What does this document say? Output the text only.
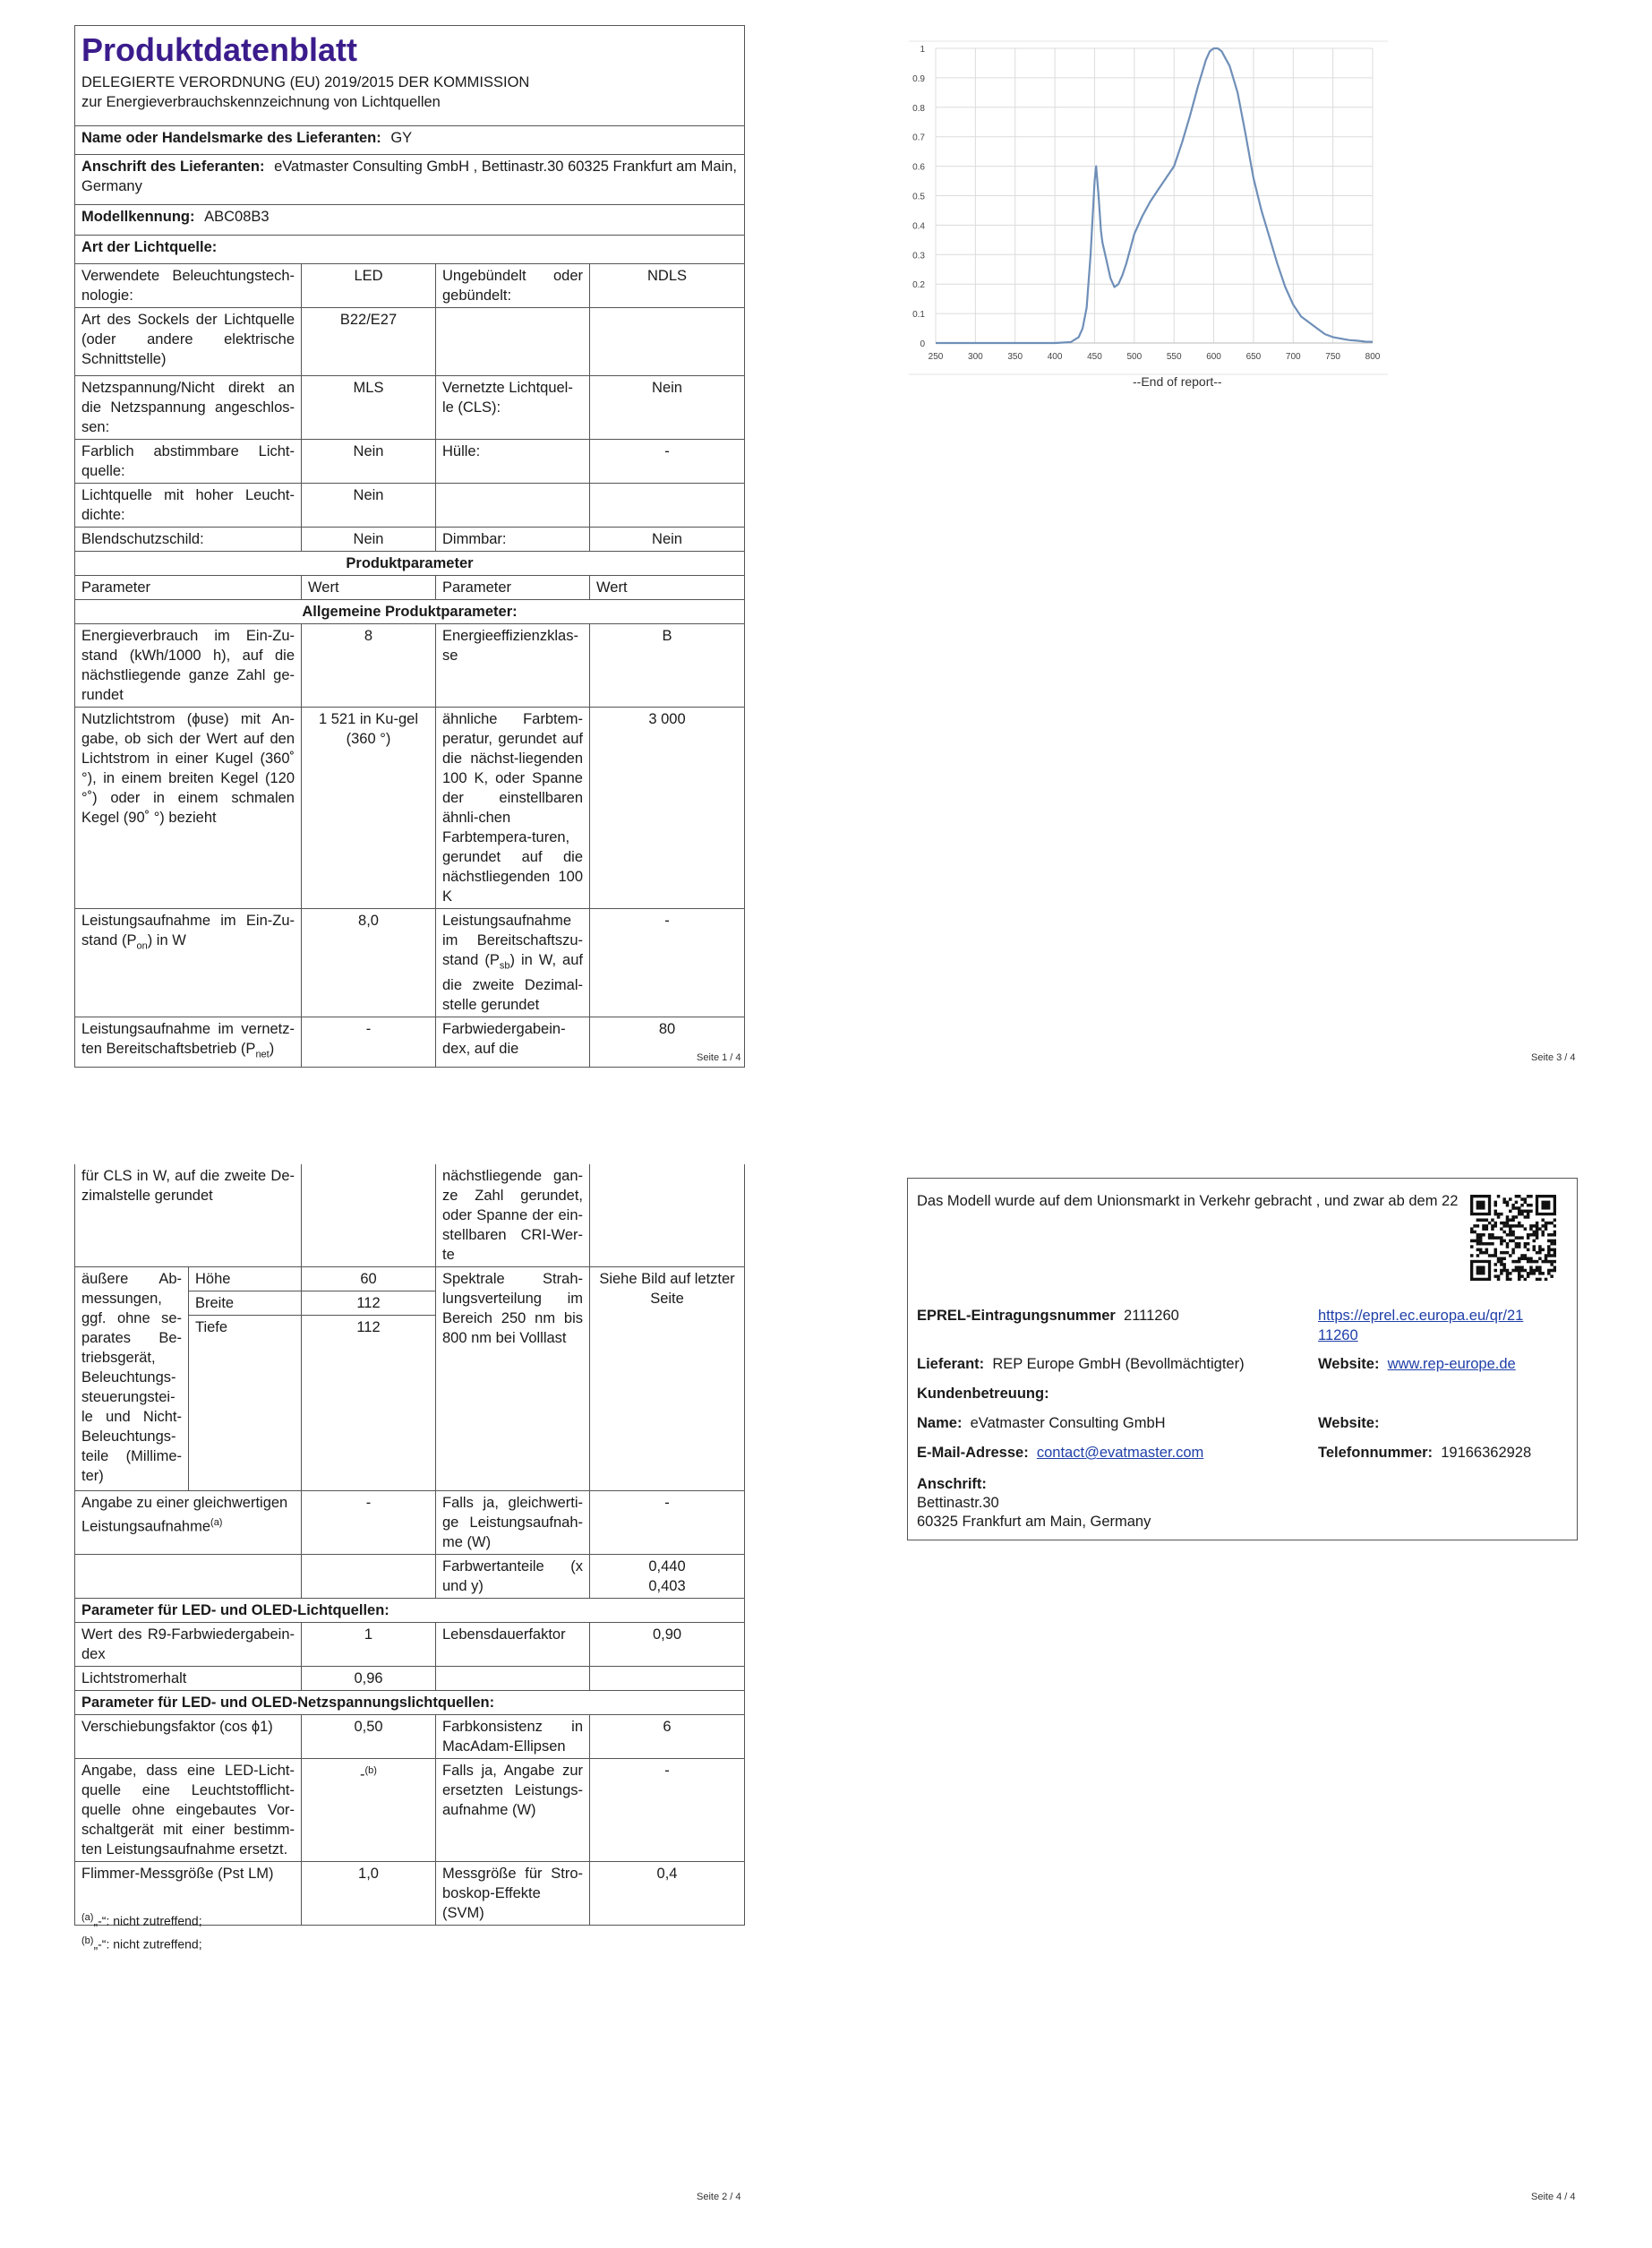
Produktdatenblatt
DELEGIERTE VERORDNUNG (EU) 2019/2015 DER KOMMISSION zur Energieverbrauchskennzeichnung von Lichtquellen			

Name oder Handelsmarke des Lieferanten: GY			
Anschrift des Lieferanten: eVatmaster Consulting GmbH , Bettinastr.30 60325 Frankfurt am Main, Germany			
Modellkennung: ABC08B3			
Art der Lichtquelle:			
Verwendete Beleuchtungstech-nologie:	LED	Ungebündelt oder gebündelt:	NDLS
Art des Sockels der Lichtquelle (oder andere elektrische Schnittstelle)	B22/E27		
Netzspannung/Nicht direkt an die Netzspannung angeschlos-sen:	MLS	Vernetzte Lichtquel-le (CLS):	Nein
Farblich abstimmbare Licht-quelle:	Nein	Hülle:	-
Lichtquelle mit hoher Leucht-dichte:	Nein		
Blendschutzschild:	Nein	Dimmbar:	Nein
Produktparameter			
Parameter	Wert	Parameter	Wert
Allgemeine Produktparameter:			
Energieverbrauch im Ein-Zu-stand (kWh/1000 h), auf die nächstliegende ganze Zahl ge-rundet	8	Energieeffizienzklas-se	B
Nutzlichtstrom (ϕuse) mit An-gabe, ob sich der Wert auf den Lichtstrom in einer Kugel (360˚ °), in einem breiten Kegel (120 °˚) oder in einem schmalen Kegel (90˚ °) bezieht	1 521 in Ku-gel (360 °)	ähnliche Farbtem-peratur, gerundet auf die nächst-liegenden 100 K, oder Spanne der einstellbaren ähnli-chen Farbtempera-turen, gerundet auf die nächstliegenden 100 K	3 000
Leistungsaufnahme im Ein-Zu-stand $(P_{on})$ in W	8,0	Leistungsaufnahme im Bereitschaftszu-stand $(P_{sb})$ in W, auf die zweite Dezimal-stelle gerundet	-
Leistungsaufnahme im vernetz-ten Bereitschaftsbetrieb $(P_{net})$	-	Farbwiedergabein-dex, auf die	80
Seite 1 / 4
0
0.1
0.2
0.3
0.4
0.5
0.6
0.7
0.8
0.9
1
250	300	350	400	450	500	550	600	650	700	750	800
--End of report--
Seite 3 / 4
für CLS in W, auf die zweite De-zimalstelle gerundet			nächstliegende gan-ze Zahl gerundet, oder Spanne der ein-stellbaren CRI-Wer-te	
äußere Ab-messungen, ggf. ohne se-parates Be-triebsgerät, Beleuchtungs-steuerungstei-le und Nicht-Beleuchtungs-teile (Millime-ter)	Höhe	60	Spektrale Strah-lungsverteilung im Bereich 250 nm bis 800 nm bei Volllast	Siehe Bild auf letzter Seite
	Breite	112		
	Tiefe	112		
Angabe zu einer gleichwertigen Leistungsaufnahme$^{(a)}$		-	Falls ja, gleichwerti-ge Leistungsaufnah-me (W)	-
			Farbwertanteile (x und y)	0,440
0,403

Parameter für LED- und OLED-Lichtquellen:				
Wert des R9-Farbwiedergabein-dex		1	Lebensdauerfaktor	0,90
Lichtstromerhalt		0,96		
Parameter für LED- und OLED-Netzspannungslichtquellen:				
Verschiebungsfaktor (cos ϕ1)		0,50	Farbkonsistenz in MacAdam-Ellipsen	6
Angabe, dass eine LED-Licht-quelle eine Leuchtstofflicht-quelle ohne eingebautes Vor-schaltgerät mit einer bestimm-ten Leistungsaufnahme ersetzt.		-$^{(b)}$	Falls ja, Angabe zur ersetzten Leistungs-aufnahme (W)	-
Flimmer-Messgröße (Pst LM)		1,0	Messgröße für Stro-boskop-Effekte (SVM)	0,4
$^{(a)}$„-“: nicht zutreffend;
$^{(b)}$„-“: nicht zutreffend;
Seite 2 / 4
Das Modell wurde auf dem Unionsmarkt in Verkehr gebracht , und zwar ab dem 22
EPREL-Eintragungsnummer 2111260	https://eprel.ec.europa.eu/qr/21
11260
Lieferant: REP Europe GmbH (Bevollmächtigter)	Website: www.rep-europe.de
Kundenbetreuung:
Name: eVatmaster Consulting GmbH	Website:
E-Mail-Adresse: contact@evatmaster.com	Telefonnummer: 19166362928
Anschrift:
Bettinastr.30
60325 Frankfurt am Main, Germany
Seite 4 / 4
